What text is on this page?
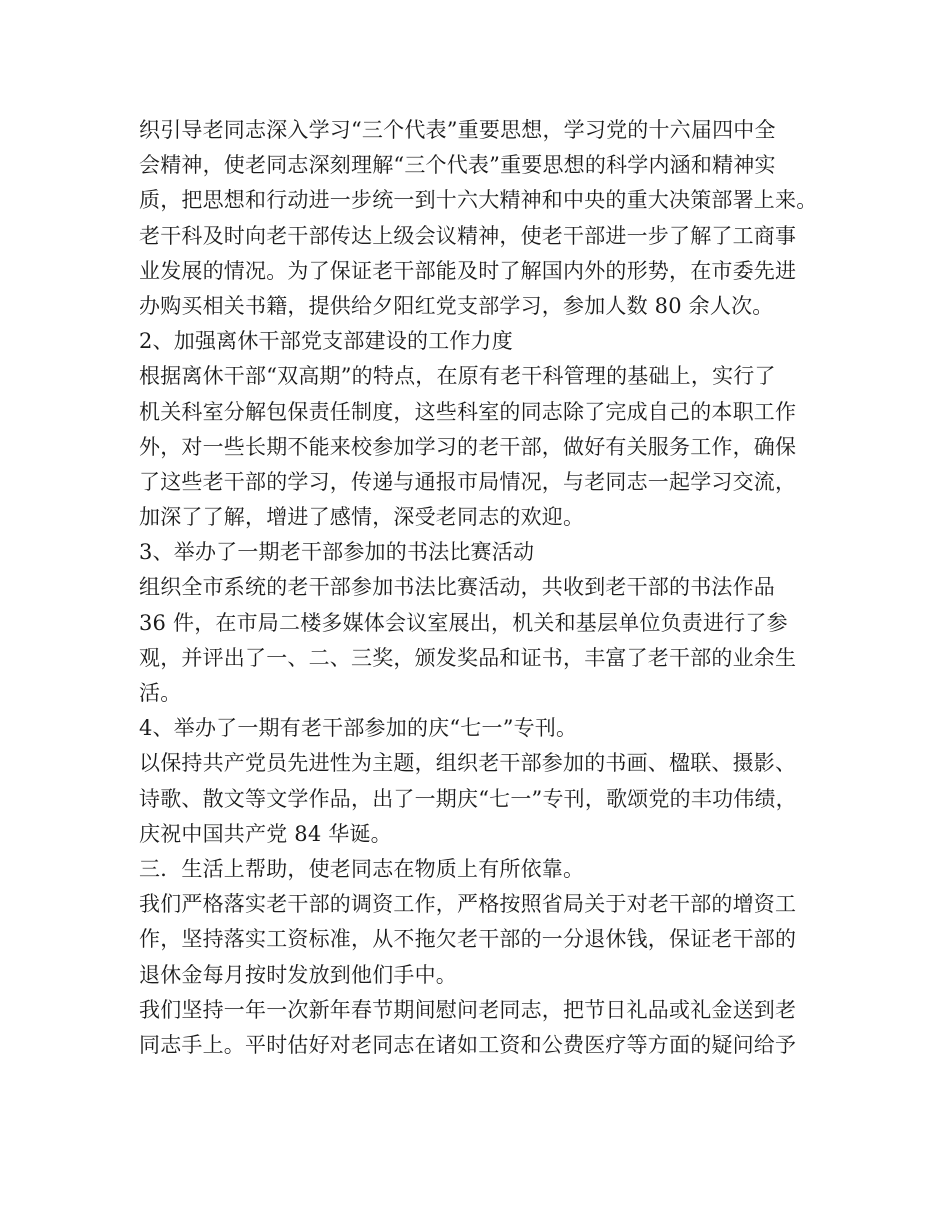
织引导老同志深入学习“三个代表”重要思想，学习党的十六届四中全
会精神，使老同志深刻理解“三个代表”重要思想的科学内涵和精神实
质，把思想和行动进一步统一到十六大精神和中央的重大决策部署上来。
老干科及时向老干部传达上级会议精神，使老干部进一步了解了工商事
业发展的情况。为了保证老干部能及时了解国内外的形势，在市委先进
办购买相关书籍，提供给夕阳红党支部学习，参加人数 80 余人次。
2、加强离休干部党支部建设的工作力度
根据离休干部“双高期”的特点，在原有老干科管理的基础上，实行了
机关科室分解包保责任制度，这些科室的同志除了完成自己的本职工作
外，对一些长期不能来校参加学习的老干部，做好有关服务工作，确保
了这些老干部的学习，传递与通报市局情况，与老同志一起学习交流，
加深了了解，增进了感情，深受老同志的欢迎。
3、举办了一期老干部参加的书法比赛活动
组织全市系统的老干部参加书法比赛活动，共收到老干部的书法作品
36 件，在市局二楼多媒体会议室展出，机关和基层单位负责进行了参
观，并评出了一、二、三奖，颁发奖品和证书，丰富了老干部的业余生
活。
4、举办了一期有老干部参加的庆“七一”专刊。
以保持共产党员先进性为主题，组织老干部参加的书画、楹联、摄影、
诗歌、散文等文学作品，出了一期庆“七一”专刊，歌颂党的丰功伟绩，
庆祝中国共产党 84 华诞。
三．生活上帮助，使老同志在物质上有所依靠。
我们严格落实老干部的调资工作，严格按照省局关于对老干部的增资工
作，坚持落实工资标准，从不拖欠老干部的一分退休钱，保证老干部的
退休金每月按时发放到他们手中。
我们坚持一年一次新年春节期间慰问老同志，把节日礼品或礼金送到老
同志手上。平时估好对老同志在诸如工资和公费医疗等方面的疑问给予
